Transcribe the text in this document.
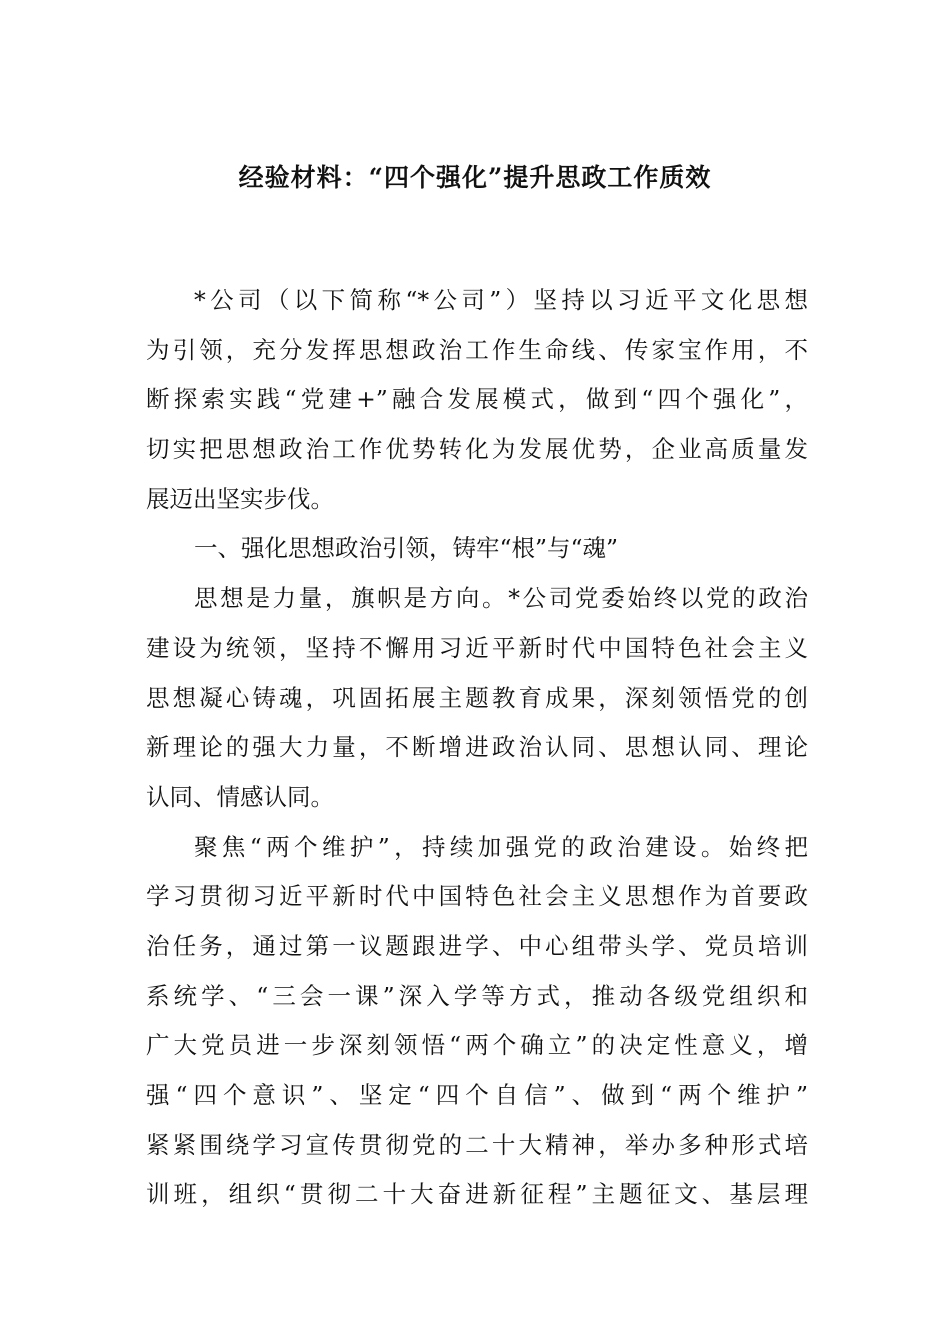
经验材料：“四个强化”提升思政工作质效
*公司（以下简称“*公司”）坚持以习近平文化思想
为引领，充分发挥思想政治工作生命线、传家宝作用，不
断探索实践“党建+”融合发展模式，做到“四个强化”，
切实把思想政治工作优势转化为发展优势，企业高质量发
展迈出坚实步伐。
一、强化思想政治引领，铸牢“根”与“魂”
思想是力量，旗帜是方向。*公司党委始终以党的政治
建设为统领，坚持不懈用习近平新时代中国特色社会主义
思想凝心铸魂，巩固拓展主题教育成果，深刻领悟党的创
新理论的强大力量，不断增进政治认同、思想认同、理论
认同、情感认同。
聚焦“两个维护”，持续加强党的政治建设。始终把
学习贯彻习近平新时代中国特色社会主义思想作为首要政
治任务，通过第一议题跟进学、中心组带头学、党员培训
系统学、“三会一课”深入学等方式，推动各级党组织和
广大党员进一步深刻领悟“两个确立”的决定性意义，增
强“四个意识”、坚定“四个自信”、做到“两个维护”
紧紧围绕学习宣传贯彻党的二十大精神，举办多种形式培
训班，组织“贯彻二十大奋进新征程”主题征文、基层理
